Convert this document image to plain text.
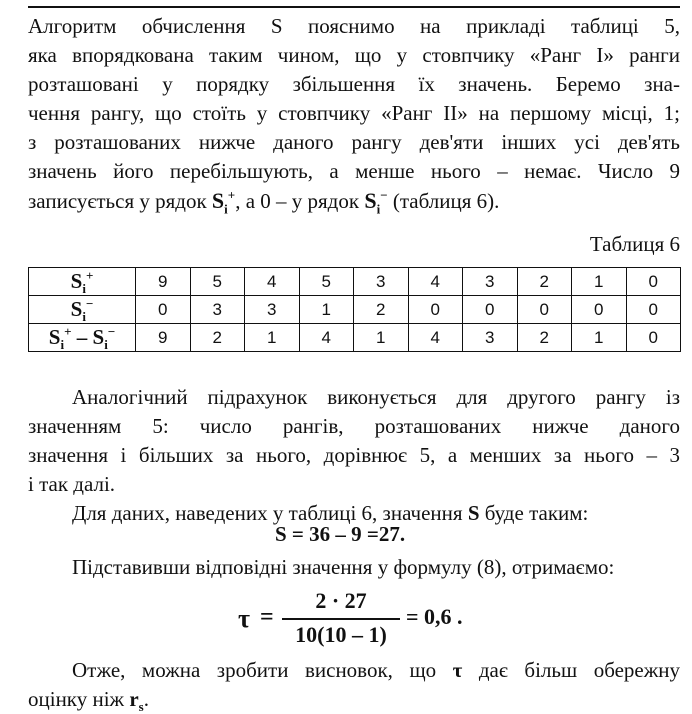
Алгоритм обчислення S пояснимо на прикладі таблиці 5,
яка впорядкована таким чином, що у стовпчику «Ранг І» ранги
розташовані у порядку збільшення їх значень. Беремо зна-
чення рангу, що стоїть у стовпчику «Ранг II» на першому місці, 1;
з розташованих нижче даного рангу дев'яти інших усі дев'ять
значень його перебільшують, а менше нього – немає. Число 9
записується у рядок $S_i^+$, а 0 – у рядок $S_i^-$ (таблиця 6).

Таблиця 6
$S_i^+$	9	5	4	5	3	4	3	2	1	0
$S_i^-$	0	3	3	1	2	0	0	0	0	0
$S_i^+ - S_i^-$	9	2	1	4	1	4	3	2	1	0

Аналогічний підрахунок виконується для другого рангу із
значенням 5: число рангів, розташованих нижче даного
значення і більших за нього, дорівнює 5, а менших за нього – 3
і так далі.

Для даних, наведених у таблиці 6, значення S буде таким:

S = 36 – 9 =27.

Підставивши відповідні значення у формулу (8), отримаємо:

τ =
2 · 27
10(10 – 1)
= 0,6 .

Отже, можна зробити висновок, що τ дає більш обережну
оцінку ніж $r_s$.
